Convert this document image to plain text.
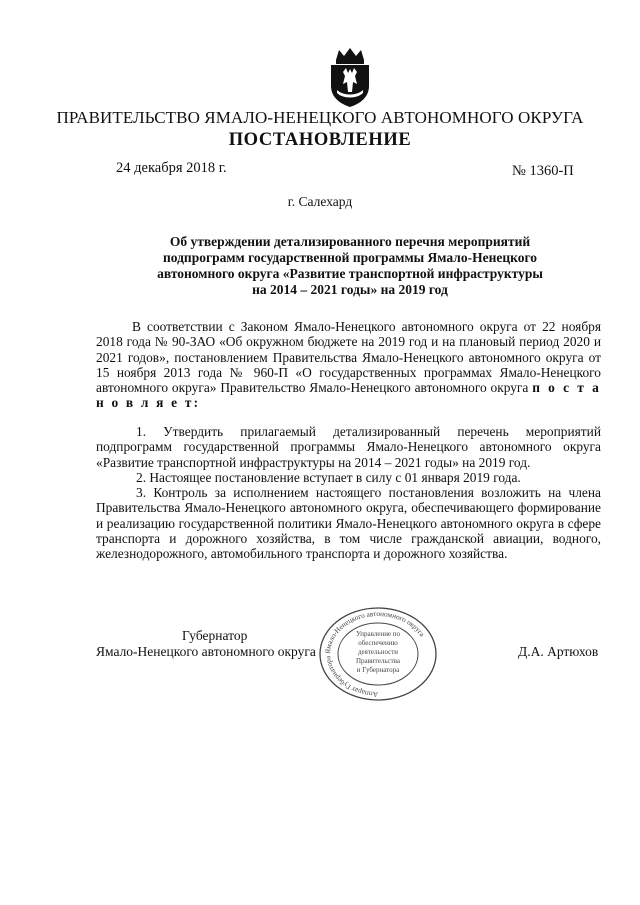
ПРАВИТЕЛЬСТВО ЯМАЛО-НЕНЕЦКОГО АВТОНОМНОГО ОКРУГА
ПОСТАНОВЛЕНИЕ
24 декабря 2018 г.	№ 1360-П
г. Салехард
Об утверждении детализированного перечня мероприятий
подпрограмм государственной программы Ямало-Ненецкого
автономного округа «Развитие транспортной инфраструктуры
на 2014 – 2021 годы» на 2019 год

В соответствии с Законом Ямало-Ненецкого автономного округа от 22 ноября 2018 года № 90-ЗАО «Об окружном бюджете на 2019 год и на плановый период 2020 и 2021 годов», постановлением Правительства Ямало-Ненецкого автономного округа от 15 ноября 2013 года № 960-П «О государственных программах Ямало-Ненецкого автономного округа» Правительство Ямало-Ненецкого автономного округа п о с т а н о в л я е т:

1. Утвердить прилагаемый детализированный перечень мероприятий подпрограмм государственной программы Ямало-Ненецкого автономного округа «Развитие транспортной инфраструктуры на 2014 – 2021 годы» на 2019 год.

2. Настоящее постановление вступает в силу с 01 января 2019 года.

3. Контроль за исполнением настоящего постановления возложить на члена Правительства Ямало-Ненецкого автономного округа, обеспечивающего формирование и реализацию государственной политики Ямало-Ненецкого автономного округа в сфере транспорта и дорожного хозяйства, в том числе гражданской авиации, водного, железнодорожного, автомобильного транспорта и дорожного хозяйства.

Губернатор
Ямало-Ненецкого автономного округа	Д.А. Артюхов
Аппарат Губернатора Ямало-Ненецкого автономного округа
Управление по
обеспечению
деятельности
Правительства
и Губернатора
